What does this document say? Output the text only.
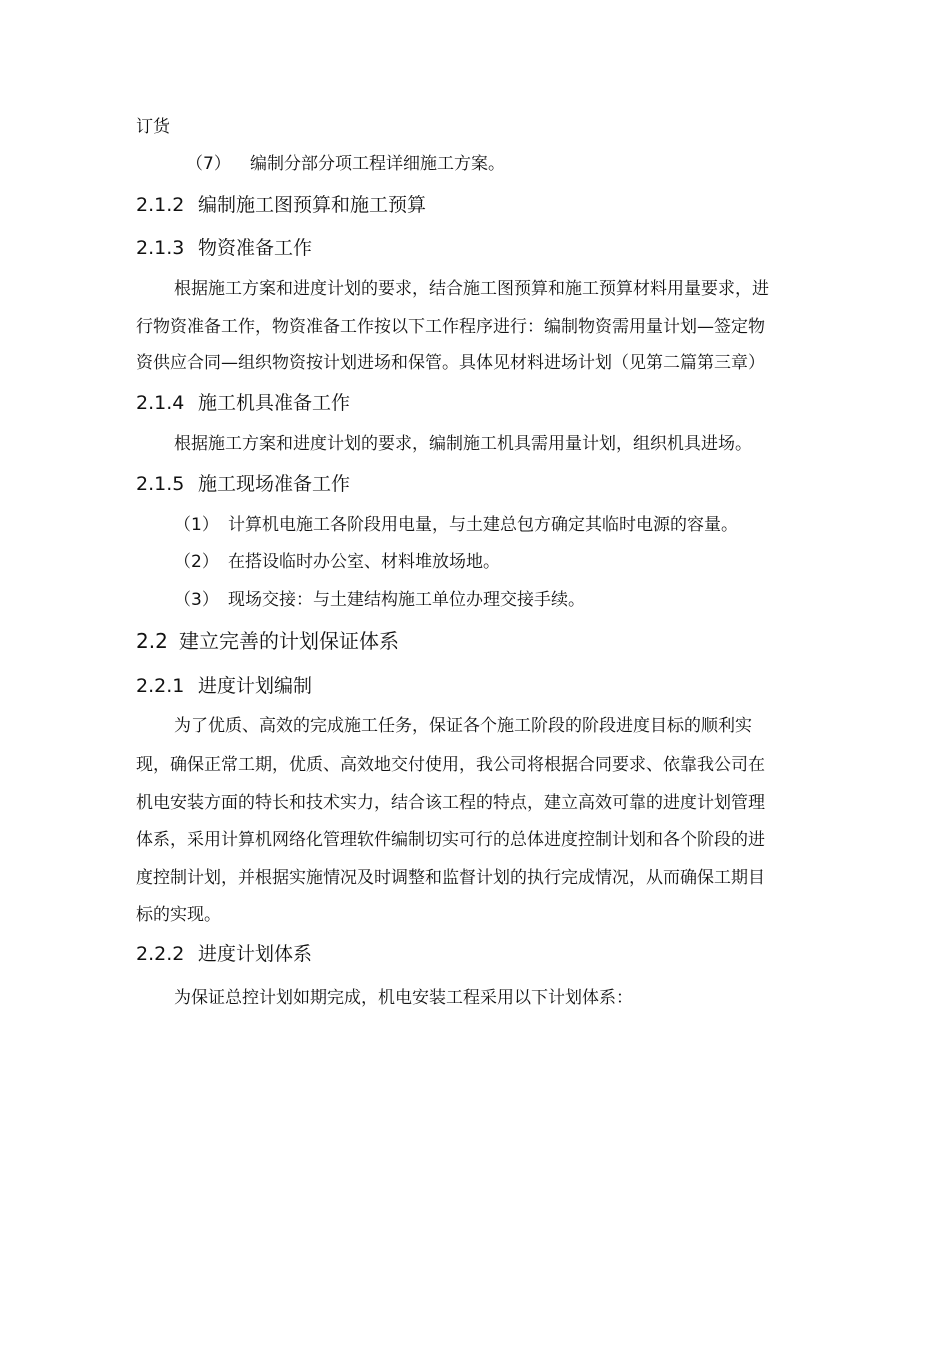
订货
（7） 编制分部分项工程详细施工方案。
2.1.2 编制施工图预算和施工预算
2.1.3 物资准备工作
根据施工方案和进度计划的要求，结合施工图预算和施工预算材料用量要求，进
行物资准备工作，物资准备工作按以下工作程序进行：编制物资需用量计划—签定物
资供应合同—组织物资按计划进场和保管。具体见材料进场计划（见第二篇第三章）
2.1.4 施工机具准备工作
根据施工方案和进度计划的要求，编制施工机具需用量计划，组织机具进场。
2.1.5 施工现场准备工作
（1） 计算机电施工各阶段用电量，与土建总包方确定其临时电源的容量。
（2） 在搭设临时办公室、材料堆放场地。
（3） 现场交接：与土建结构施工单位办理交接手续。
2.2 建立完善的计划保证体系
2.2.1 进度计划编制
为了优质、高效的完成施工任务，保证各个施工阶段的阶段进度目标的顺利实
现，确保正常工期，优质、高效地交付使用，我公司将根据合同要求、依靠我公司在
机电安装方面的特长和技术实力，结合该工程的特点，建立高效可靠的进度计划管理
体系，采用计算机网络化管理软件编制切实可行的总体进度控制计划和各个阶段的进
度控制计划，并根据实施情况及时调整和监督计划的执行完成情况，从而确保工期目
标的实现。
2.2.2 进度计划体系
为保证总控计划如期完成，机电安装工程采用以下计划体系：
